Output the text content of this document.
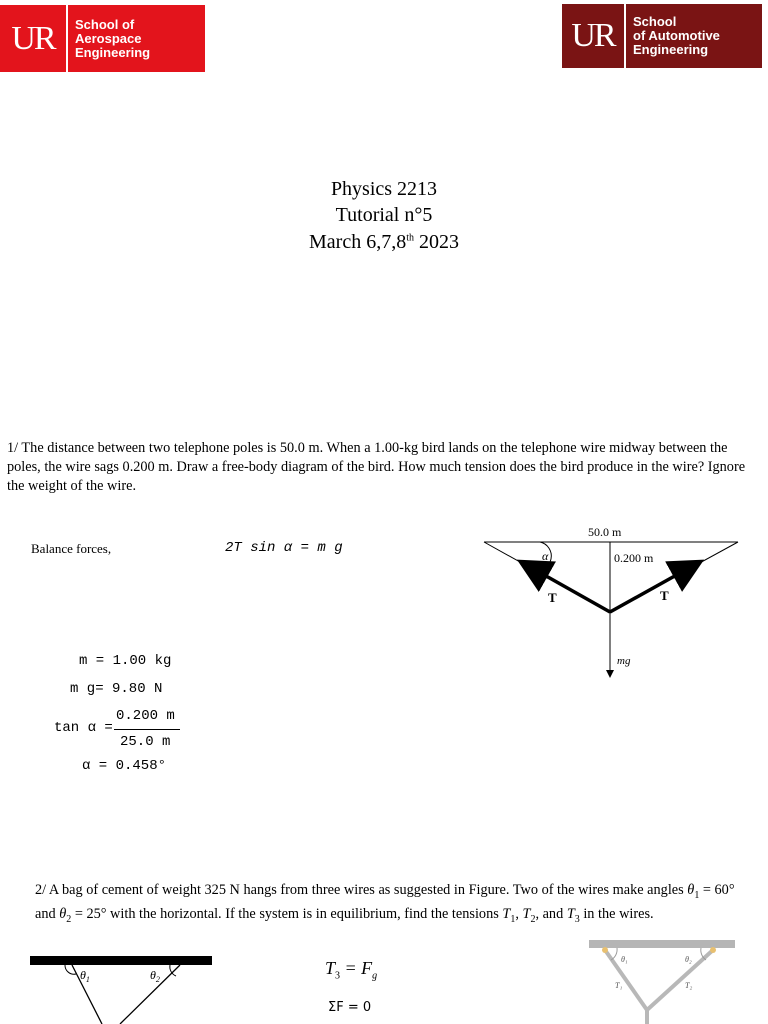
UR	School of
Aerospace
Engineering	UR	School
of Automotive
Engineering
Physics 2213
Tutorial n°5
March 6,7,8th 2023
1/ The distance between two telephone poles is 50.0 m. When a 1.00-kg bird lands on the telephone wire midway between the poles, the wire sags 0.200 m. Draw a free-body diagram of the bird. How much tension does the bird produce in the wire? Ignore the weight of the wire.
Balance forces,	2T sin α = m g
m = 1.00 kg
m g= 9.80 N
tan α =
0.200 m
25.0 m
α = 0.458°
50.0 m
0.200 m
α
T	T
mg
2/ A bag of cement of weight 325 N hangs from three wires as suggested in Figure. Two of the wires make angles $\theta_1 = 60^\circ$ and $\theta_2 = 25^\circ$ with the horizontal. If the system is in equilibrium, find the tensions $T_1$, $T_2$, and $T_3$ in the wires.
$\theta_1$	$\theta_2$
$T_3 = F_g$
ΣF = 0
θ₁	θ₂
T₁	T₂
